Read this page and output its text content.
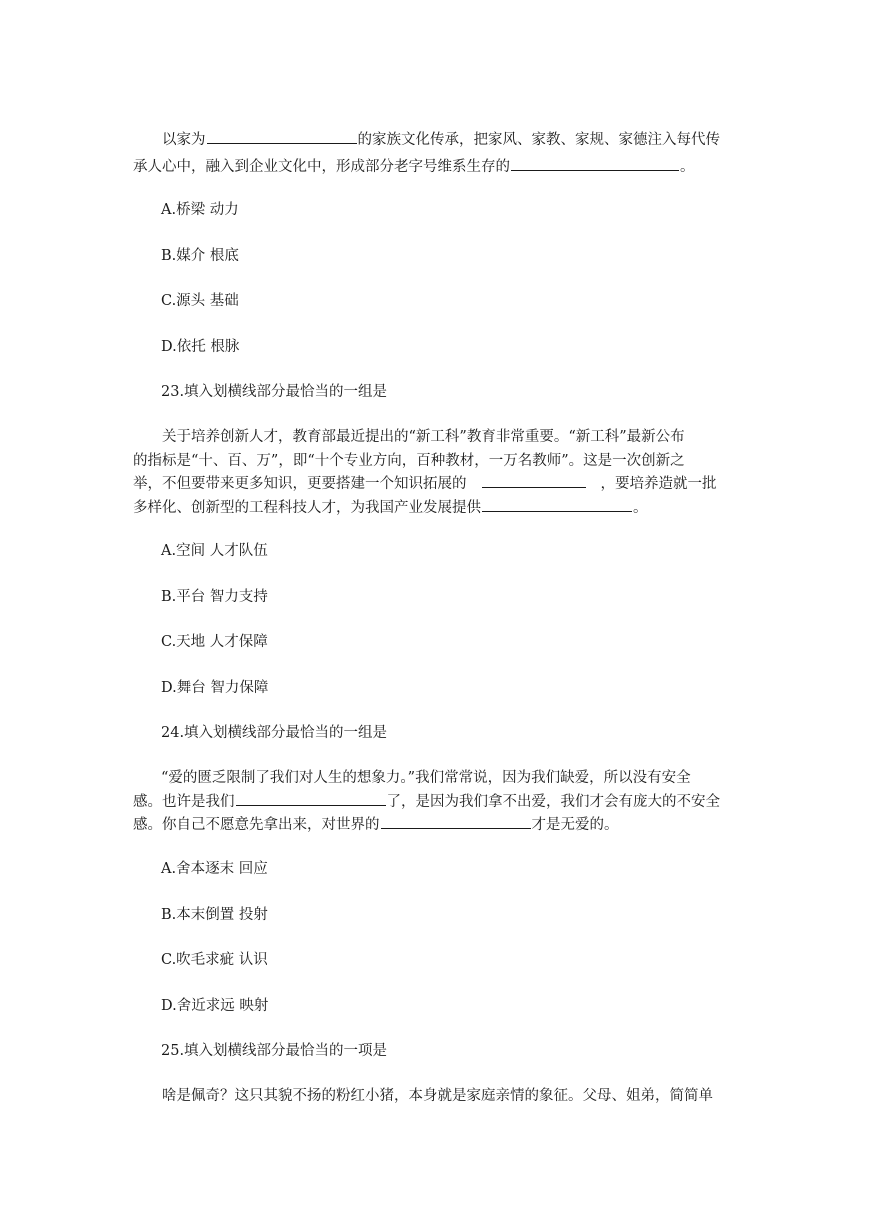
以家为	的家族文化传承，把家风、家教、家规、家德注入每代传
承人心中，融入到企业文化中，形成部分老字号维系生存的	。
A.桥梁 动力
B.媒介 根底
C.源头 基础
D.依托 根脉
23.填入划横线部分最恰当的一组是
关于培养创新人才，教育部最近提出的“新工科”教育非常重要。“新工科”最新公布
的指标是“十、百、万”，即“十个专业方向，百种教材，一万名教师”。这是一次创新之
举，不但要带来更多知识，更要搭建一个知识拓展的	，要培养造就一批
多样化、创新型的工程科技人才，为我国产业发展提供	。
A.空间 人才队伍
B.平台 智力支持
C.天地 人才保障
D.舞台 智力保障
24.填入划横线部分最恰当的一组是
“爱的匮乏限制了我们对人生的想象力。”我们常常说，因为我们缺爱，所以没有安全
感。也许是我们	了，是因为我们拿不出爱，我们才会有庞大的不安全
感。你自己不愿意先拿出来，对世界的	才是无爱的。
A.舍本逐末 回应
B.本末倒置 投射
C.吹毛求疵 认识
D.舍近求远 映射
25.填入划横线部分最恰当的一项是
啥是佩奇？这只其貌不扬的粉红小猪，本身就是家庭亲情的象征。父母、姐弟，简简单
